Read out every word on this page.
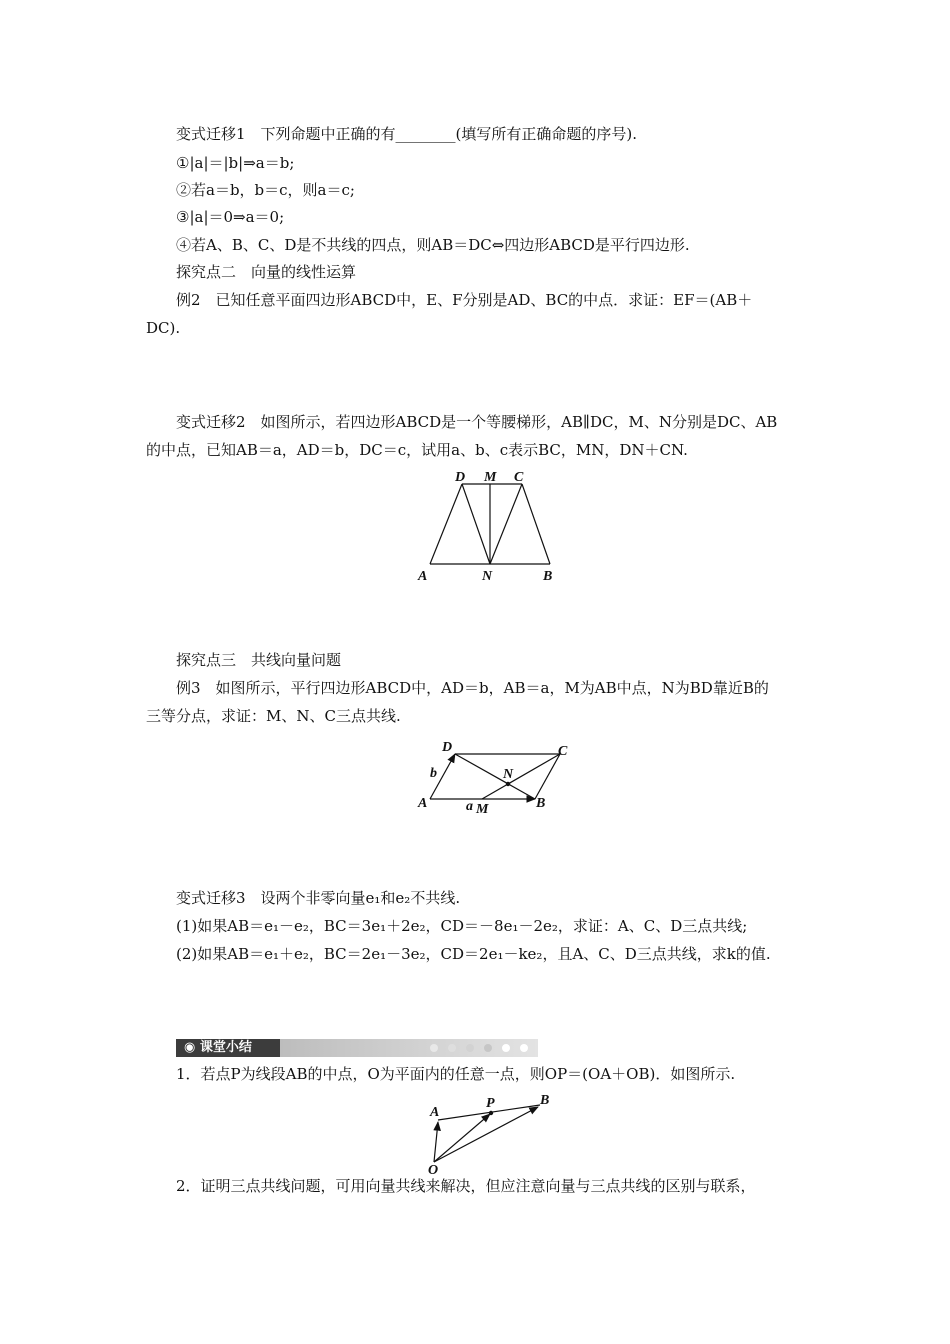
变式迁移1　下列命题中正确的有________(填写所有正确命题的序号).
①|a|＝|b|⇒a＝b;
②若a＝b，b＝c，则a＝c;
③|a|＝0⇒a＝0;
④若A、B、C、D是不共线的四点，则AB＝DC⇔四边形ABCD是平行四边形.
探究点二　向量的线性运算
例2　已知任意平面四边形ABCD中，E、F分别是AD、BC的中点．求证：EF＝(AB＋
DC).
变式迁移2　如图所示，若四边形ABCD是一个等腰梯形，AB∥DC，M、N分别是DC、AB
的中点，已知AB＝a，AD＝b，DC＝c，试用a、b、c表示BC，MN，DN＋CN.
D M C
A	N	B
探究点三　共线向量问题
例3　如图所示，平行四边形ABCD中，AD＝b，AB＝a，M为AB中点，N为BD靠近B的
三等分点，求证：M、N、C三点共线.
D	C
b	N
A	a M	B
变式迁移3　设两个非零向量e₁和e₂不共线.
(1)如果AB＝e₁－e₂，BC＝3e₁＋2e₂，CD＝－8e₁－2e₂，求证：A、C、D三点共线;
(2)如果AB＝e₁＋e₂，BC＝2e₁－3e₂，CD＝2e₁－ke₂，且A、C、D三点共线，求k的值.
◉ 课堂小结
1．若点P为线段AB的中点，O为平面内的任意一点，则OP＝(OA＋OB)．如图所示.
A
P	B
O
2．证明三点共线问题，可用向量共线来解决，但应注意向量与三点共线的区别与联系，
